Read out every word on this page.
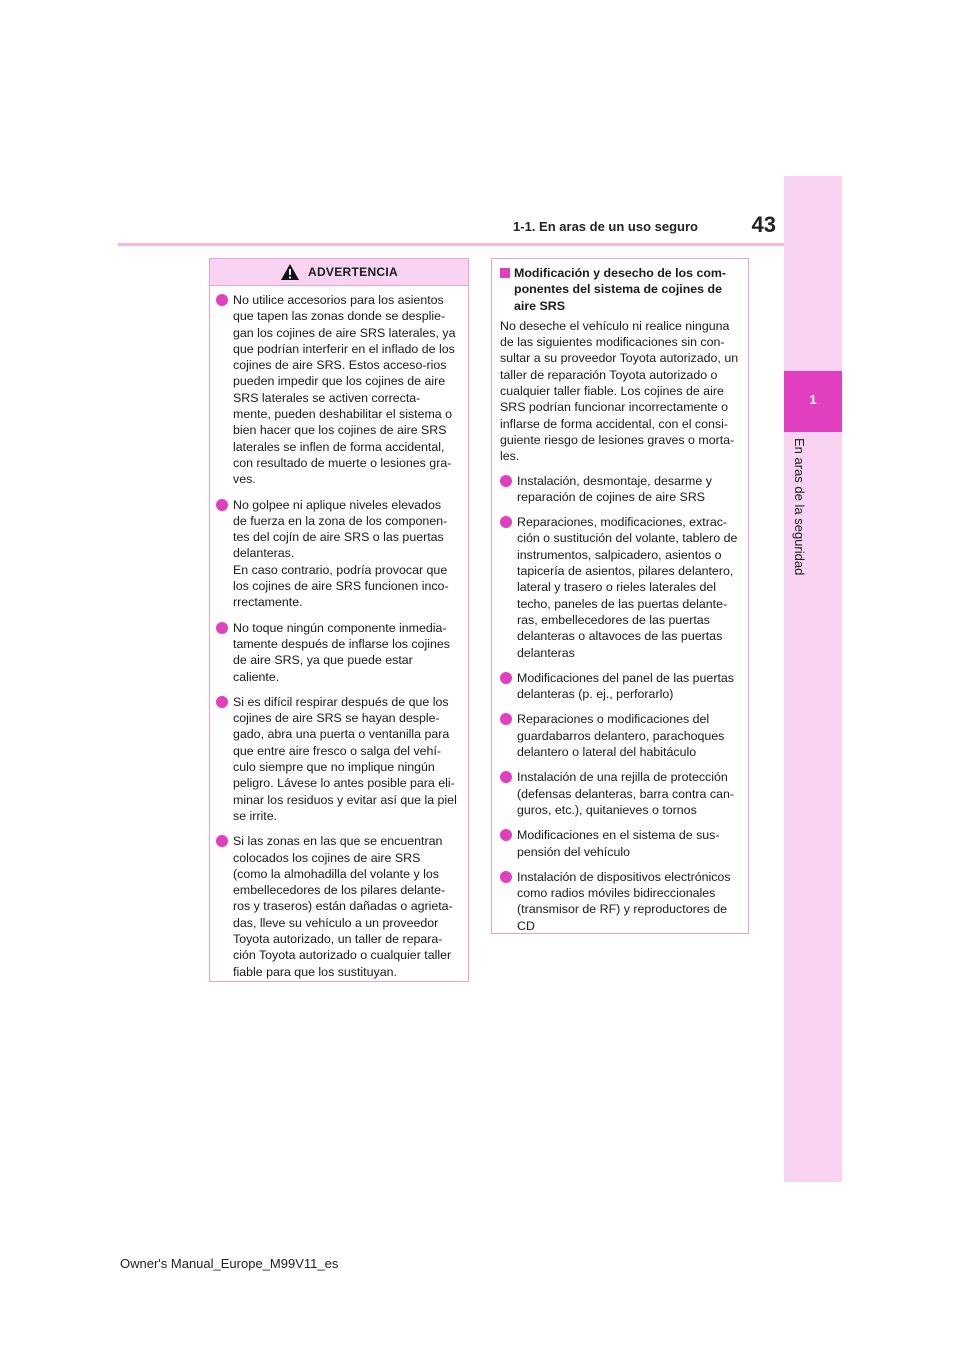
43
1-1. En aras de un uso seguro
1
En aras de la seguridad
ADVERTENCIA
No utilice accesorios para los asientos que tapen las zonas donde se desplie-gan los cojines de aire SRS laterales, ya que podrían interferir en el inflado de los cojines de aire SRS. Estos acceso-rios pueden impedir que los cojines de aire SRS laterales se activen correcta-mente, pueden deshabilitar el sistema o bien hacer que los cojines de aire SRS laterales se inflen de forma accidental, con resultado de muerte o lesiones gra-ves.
No golpee ni aplique niveles elevados de fuerza en la zona de los componen-tes del cojín de aire SRS o las puertas delanteras.
En caso contrario, podría provocar que los cojines de aire SRS funcionen inco-rrectamente.
No toque ningún componente inmedia-tamente después de inflarse los cojines de aire SRS, ya que puede estar caliente.
Si es difícil respirar después de que los cojines de aire SRS se hayan desple-gado, abra una puerta o ventanilla para que entre aire fresco o salga del vehí-culo siempre que no implique ningún peligro. Lávese lo antes posible para eli-minar los residuos y evitar así que la piel se irrite.
Si las zonas en las que se encuentran colocados los cojines de aire SRS (como la almohadilla del volante y los embellecedores de los pilares delante-ros y traseros) están dañadas o agrieta-das, lleve su vehículo a un proveedor Toyota autorizado, un taller de repara-ción Toyota autorizado o cualquier taller fiable para que los sustituyan.
Modificación y desecho de los com-ponentes del sistema de cojines de aire SRS
No deseche el vehículo ni realice ninguna de las siguientes modificaciones sin con-sultar a su proveedor Toyota autorizado, un taller de reparación Toyota autorizado o cualquier taller fiable. Los cojines de aire SRS podrían funcionar incorrectamente o inflarse de forma accidental, con el consi-guiente riesgo de lesiones graves o morta-les.
Instalación, desmontaje, desarme y reparación de cojines de aire SRS
Reparaciones, modificaciones, extrac-ción o sustitución del volante, tablero de instrumentos, salpicadero, asientos o tapicería de asientos, pilares delantero, lateral y trasero o rieles laterales del techo, paneles de las puertas delante-ras, embellecedores de las puertas delanteras o altavoces de las puertas delanteras
Modificaciones del panel de las puertas delanteras (p. ej., perforarlo)
Reparaciones o modificaciones del guardabarros delantero, parachoques delantero o lateral del habitáculo
Instalación de una rejilla de protección (defensas delanteras, barra contra can-guros, etc.), quitanieves o tornos
Modificaciones en el sistema de sus-pensión del vehículo
Instalación de dispositivos electrónicos como radios móviles bidireccionales (transmisor de RF) y reproductores de CD
Owner's Manual_Europe_M99V11_es
